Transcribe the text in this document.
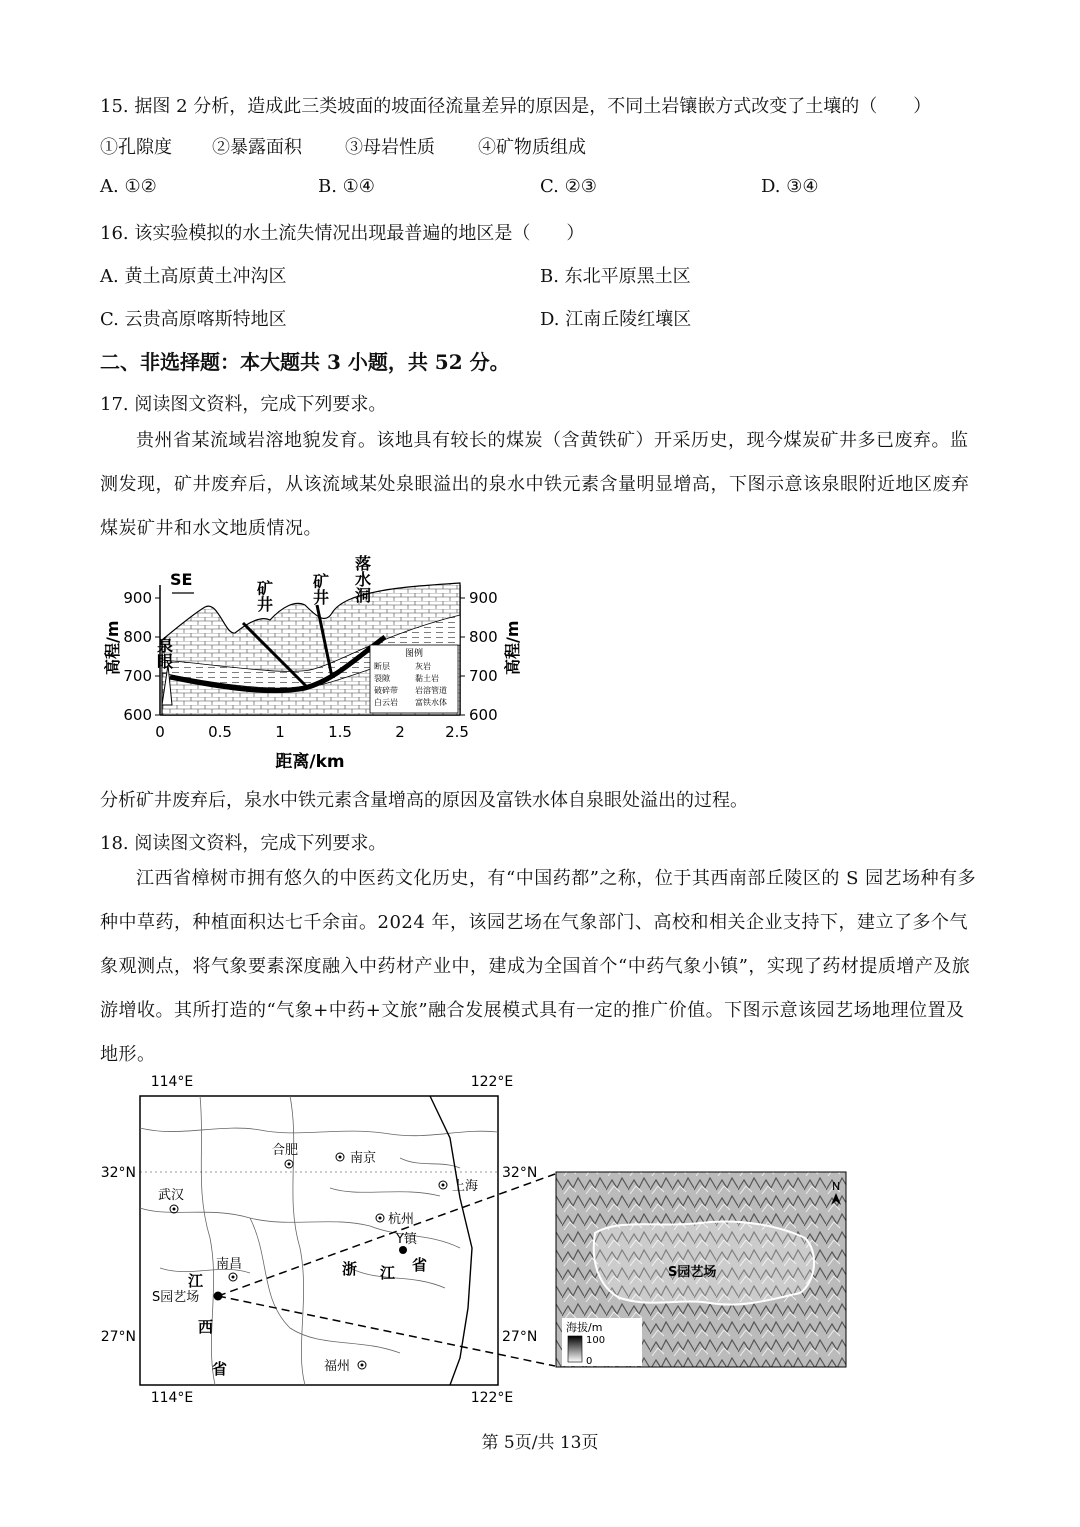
15. 据图 2 分析，造成此三类坡面的坡面径流量差异的原因是，不同土岩镶嵌方式改变了土壤的（　　）
①孔隙度 ②暴露面积 ③母岩性质 ④矿物质组成
A. ①②	B. ①④	C. ②③	D. ③④
16. 该实验模拟的水土流失情况出现最普遍的地区是（　　）
A. 黄土高原黄土冲沟区	B. 东北平原黑土区
C. 云贵高原喀斯特地区	D. 江南丘陵红壤区
二、非选择题：本大题共 3 小题，共 52 分。
17. 阅读图文资料，完成下列要求。
贵州省某流域岩溶地貌发育。该地具有较长的煤炭（含黄铁矿）开采历史，现今煤炭矿井多已废弃。监测发现，矿井废弃后，从该流域某处泉眼溢出的泉水中铁元素含量明显增高，下图示意该泉眼附近地区废弃煤炭矿井和水文地质情况。
900
800
700
600
900
800
700
600
高程/m	高程/m
0	0.5	1	1.5	2	2.5
距离/km
SE
泉眼
矿井 矿井 落水洞
图例
断层	灰岩
裂隙	黏土岩
破碎带 岩溶管道
白云岩 富铁水体
分析矿井废弃后，泉水中铁元素含量增高的原因及富铁水体自泉眼处溢出的过程。
18. 阅读图文资料，完成下列要求。
江西省樟树市拥有悠久的中医药文化历史，有“中国药都”之称，位于其西南部丘陵区的 S 园艺场种有多种中草药，种植面积达七千余亩。2024 年，该园艺场在气象部门、高校和相关企业支持下，建立了多个气象观测点，将气象要素深度融入中药材产业中，建成为全国首个“中药气象小镇”，实现了药材提质增产及旅游增收。其所打造的“气象+中药+文旅”融合发展模式具有一定的推广价值。下图示意该园艺场地理位置及地形。
114°E	122°E
114°E	122°E
32°N	32°N
27°N	27°N
合肥
南京
上海
武汉
杭州
Y镇
南昌
S园艺场
福州
江
西
省
浙 江 省	S园艺场
N
海拔/m
100
0
第 5页/共 13页
